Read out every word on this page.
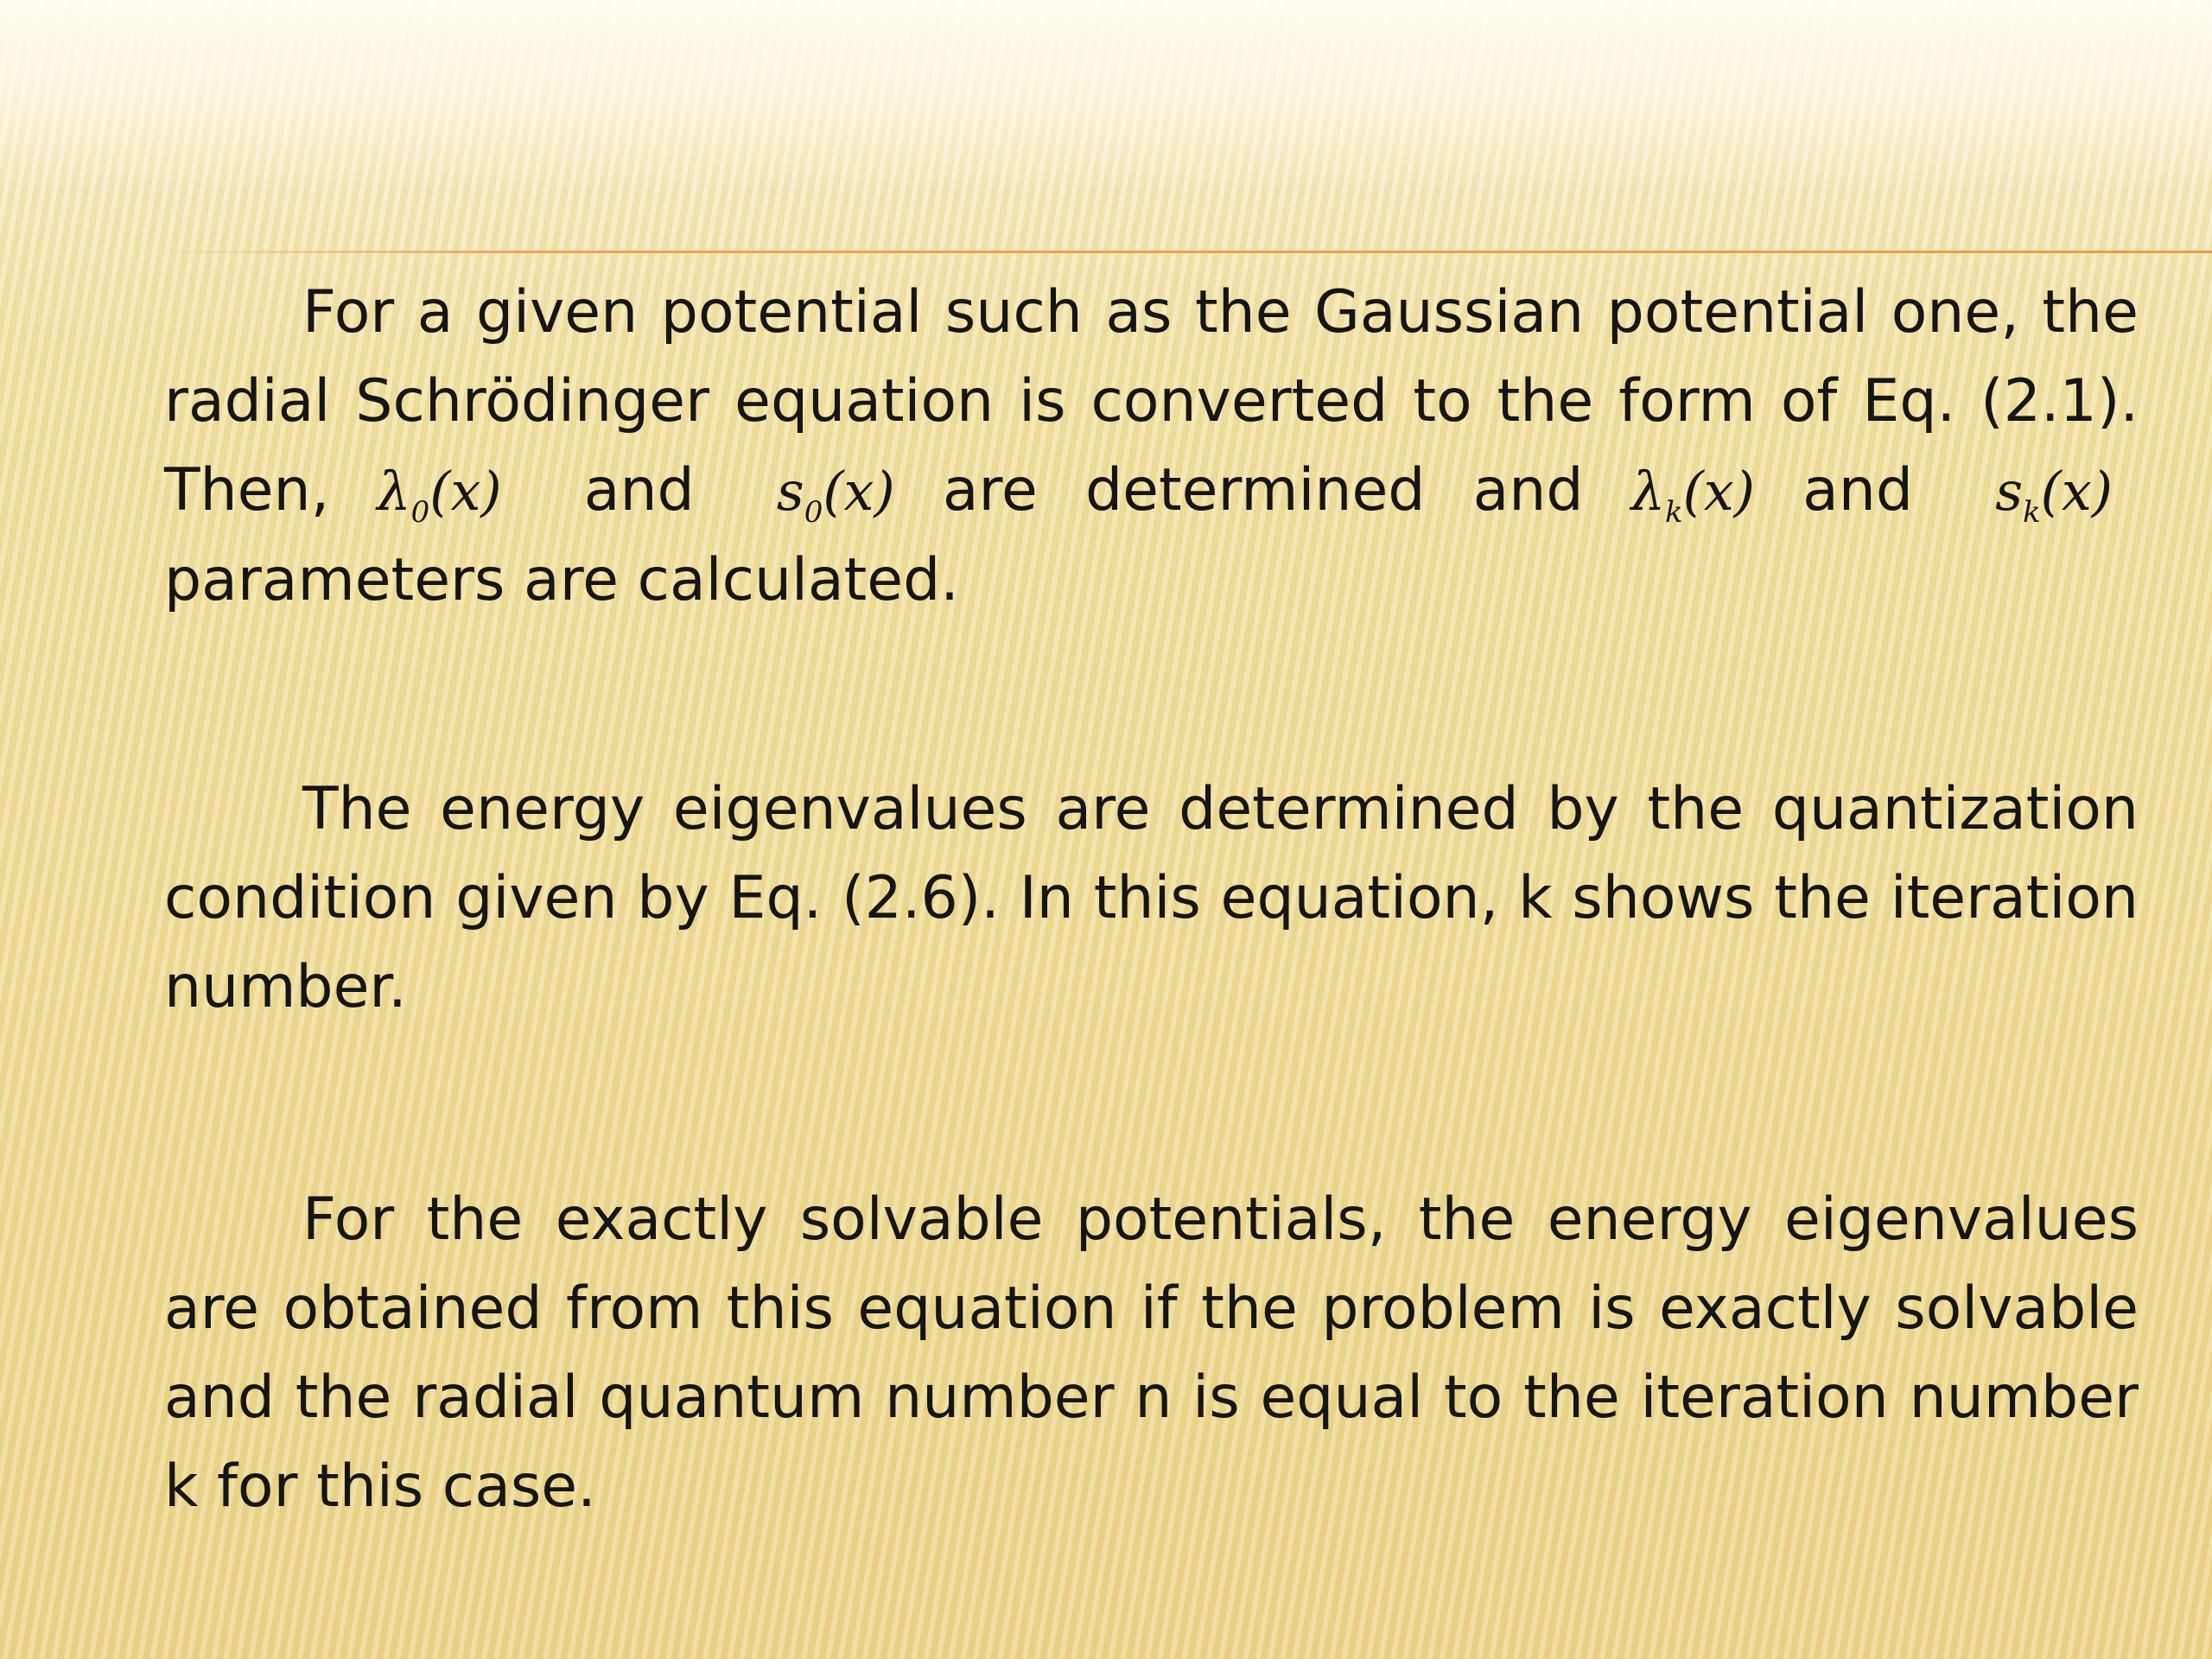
For a given potential such as the Gaussian potential one, the radial Schrödinger equation is converted to the form of Eq. (2.1). Then, $\lambda_0(x)$ and $s_0(x)$ are determined and $\lambda_k(x)$ and $s_k(x)$ parameters are calculated.

The energy eigenvalues are determined by the quantization condition given by Eq. (2.6). In this equation, k shows the iteration number.

For the exactly solvable potentials, the energy eigenvalues are obtained from this equation if the problem is exactly solvable and the radial quantum number n is equal to the iteration number k for this case.
